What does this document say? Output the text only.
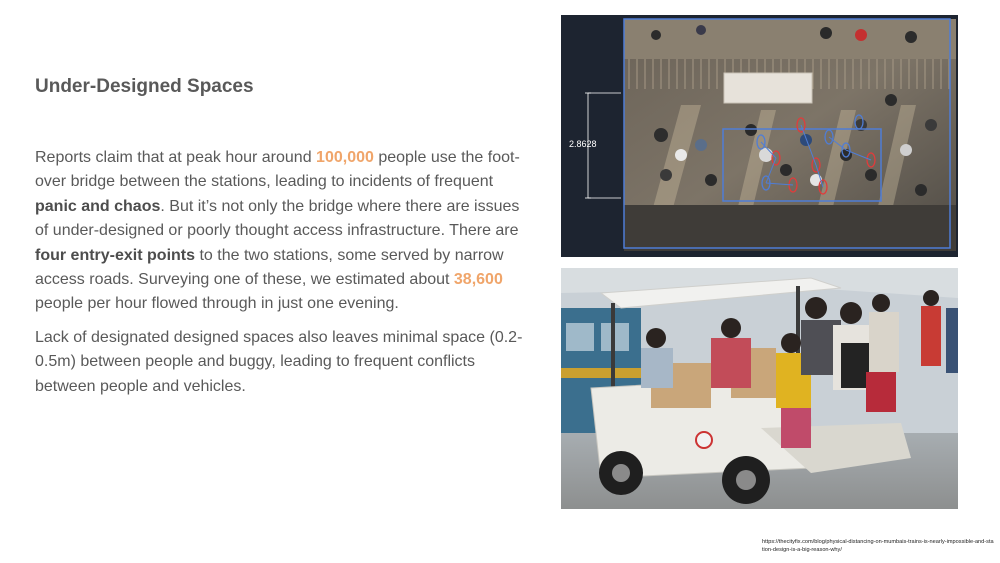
Under-Designed Spaces

Reports claim that at peak hour around 100,000 people use the foot-over bridge between the stations, leading to incidents of frequent panic and chaos. But it’s not only the bridge where there are issues of under-designed or poorly thought access infrastructure. There are four entry-exit points to the two stations, some served by narrow access roads. Surveying one of these, we estimated about 38,600 people per hour flowed through in just one evening.

Lack of designated designed spaces also leaves minimal space (0.2-0.5m) between people and buggy, leading to frequent conflicts between people and vehicles.

2.8628
https://thecityfix.com/blog/physical-distancing-on-mumbais-trains-is-nearly-impossible-and-station-design-is-a-big-reason-why/
